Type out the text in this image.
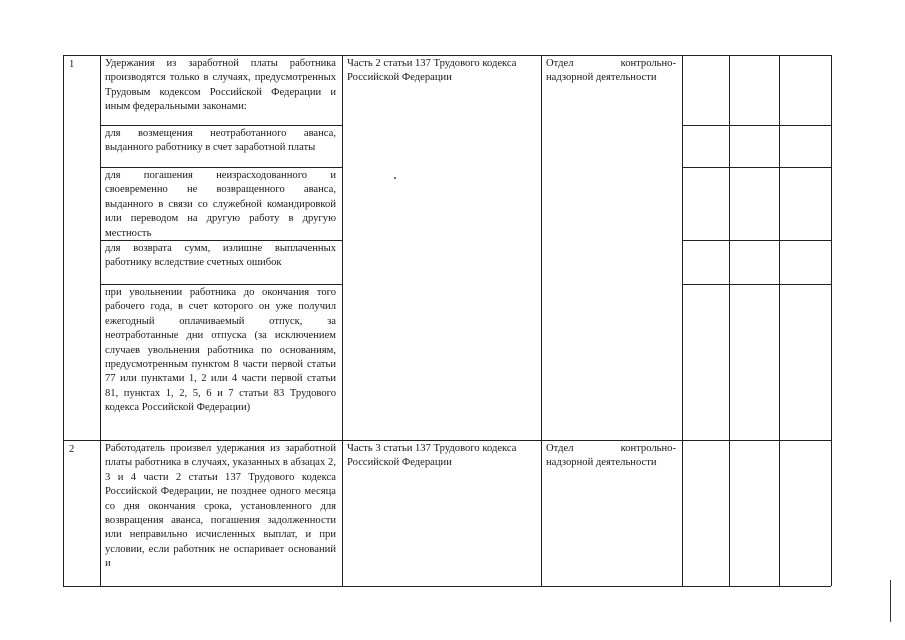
1	Удержания из заработной платы работника производятся только в случаях, предусмотренных Трудовым кодексом Российской Федерации и иным федеральными законами:

для возмещения неотработанного аванса, выданного работнику в счет заработной платы

для погашения неизрасходованного и своевременно не возвращенного аванса, выданного в связи со служебной командировкой или переводом на другую работу в другую местность

для возврата сумм, излишне выплаченных работнику вследствие счетных ошибок

при увольнении работника до окончания того рабочего года, в счет которого он уже получил ежегодный оплачиваемый отпуск, за неотработанные дни отпуска (за исключением случаев увольнения работника по основаниям, предусмотренным пунктом 8 части первой статьи 77 или пунктами 1, 2 или 4 части первой статьи 81, пунктах 1, 2, 5, 6 и 7 статьи 83 Трудового кодекса Российской Федерации)

Часть 2 статьи 137 Трудового кодекса Российской Федерации

Отдел контрольно-надзорной деятельности

2	Работодатель произвел удержания из заработной платы работника в случаях, указанных в абзацах 2, 3 и 4 части 2 статьи 137 Трудового кодекса Российской Федерации, не позднее одного месяца со дня окончания срока, установленного для возвращения аванса, погашения задолженности или неправильно исчисленных выплат, и при условии, если работник не оспаривает оснований и

Часть 3 статьи 137 Трудового кодекса Российской Федерации

Отдел контрольно-надзорной деятельности
